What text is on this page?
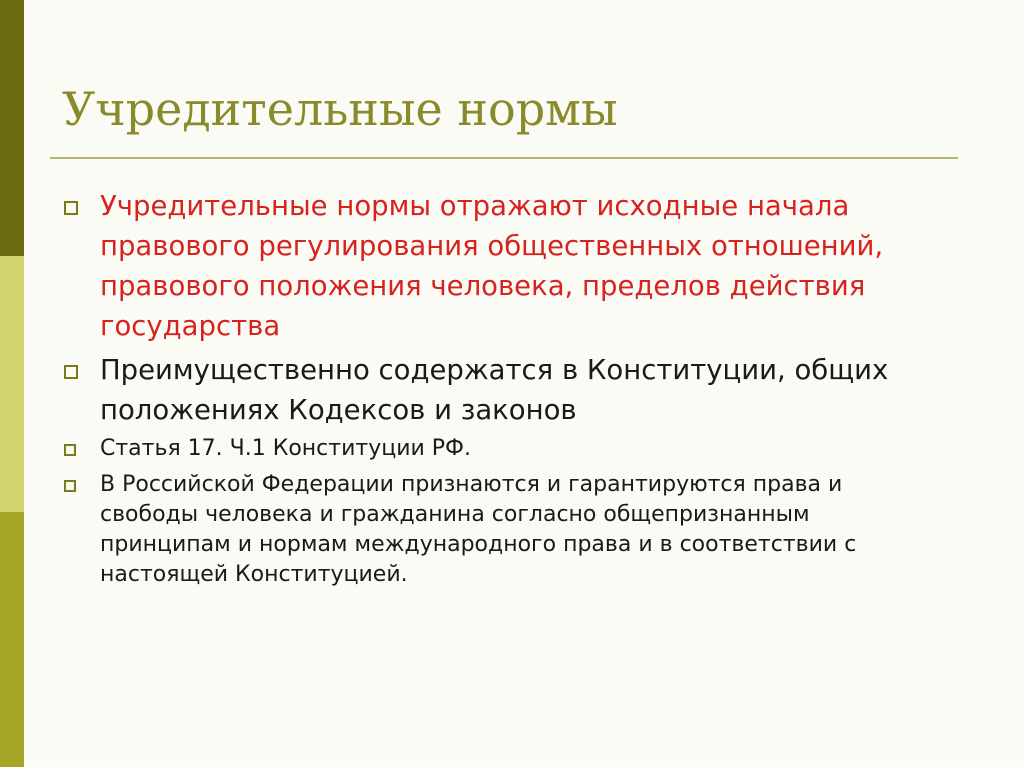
Учредительные нормы
Учредительные нормы отражают исходные начала правового регулирования общественных отношений, правового положения человека, пределов действия государства
Преимущественно содержатся в Конституции, общих положениях Кодексов и законов
Статья 17. Ч.1 Конституции РФ.
В Российской Федерации признаются и гарантируются права и свободы человека и гражданина согласно общепризнанным принципам и нормам международного права и в соответствии с настоящей Конституцией.
